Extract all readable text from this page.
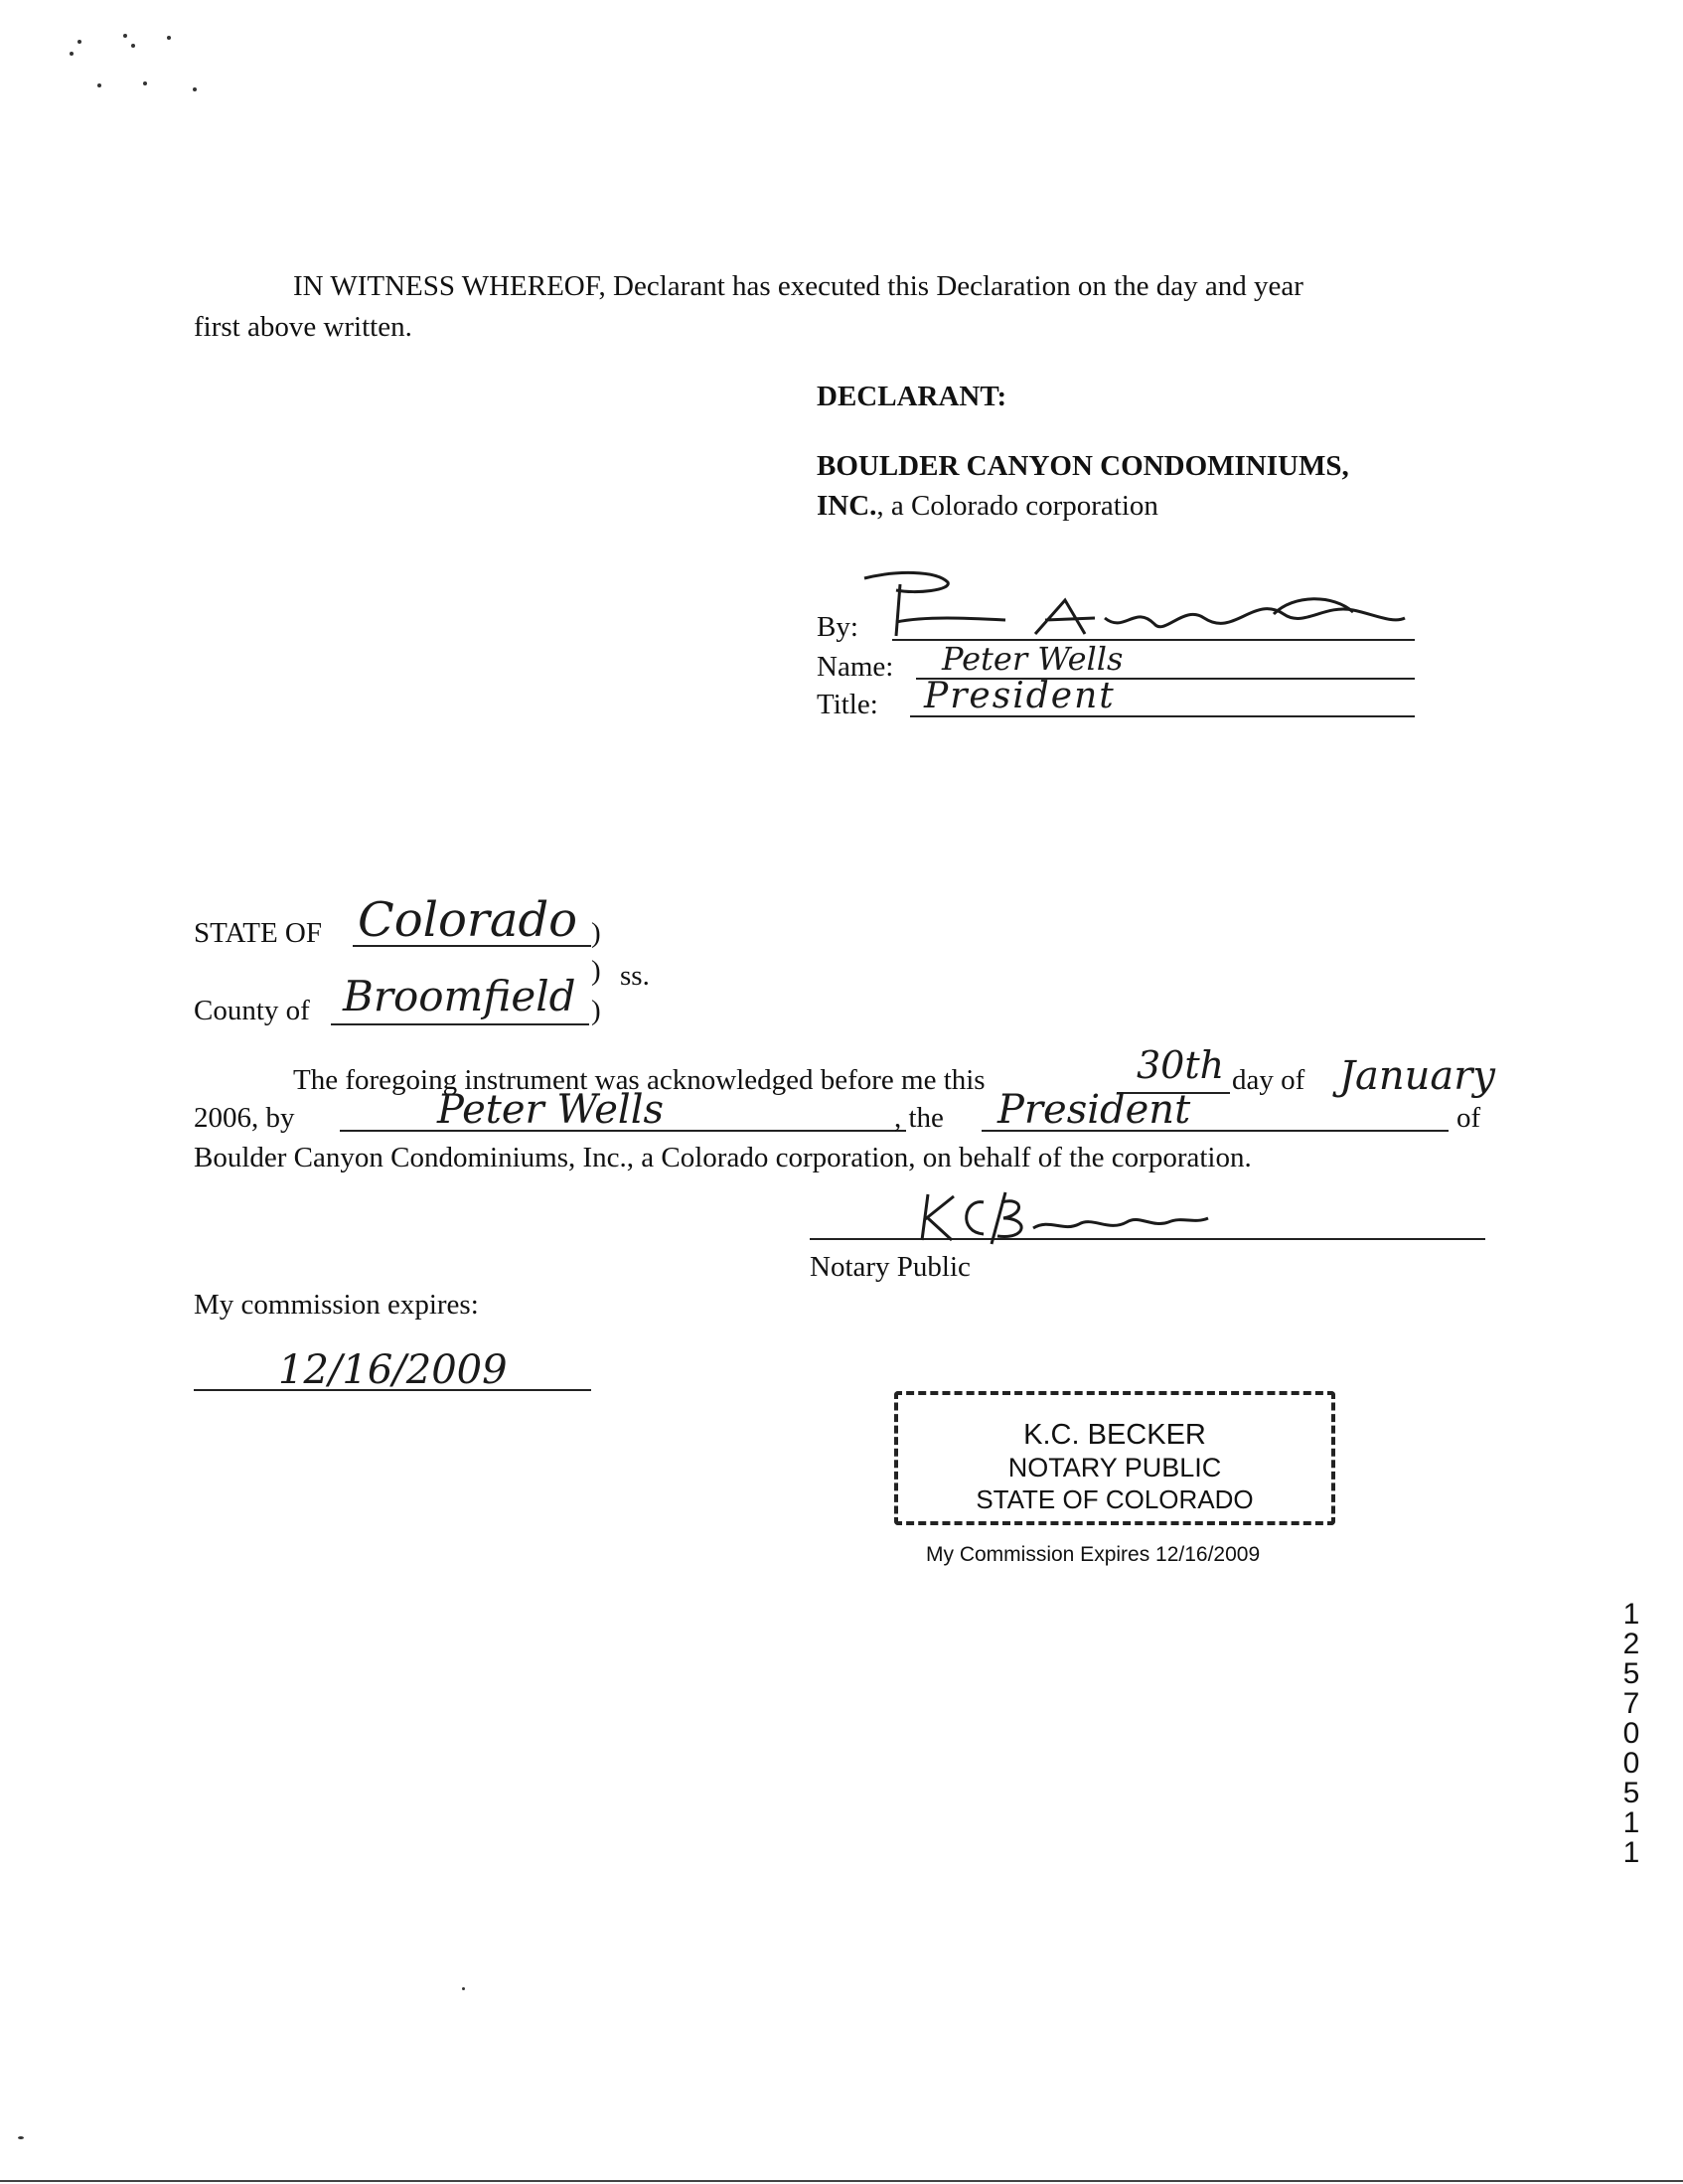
IN WITNESS WHEREOF, Declarant has executed this Declaration on the day and year
first above written.
DECLARANT:
BOULDER CANYON CONDOMINIUMS,
INC., a Colorado corporation
By:
Name: Peter Wells
Title: President
STATE OF Colorado )
) ss.
County of Broomfield )
The foregoing instrument was acknowledged before me this	30th day of January
2006, by	Peter Wells	, the President	of
Boulder Canyon Condominiums, Inc., a Colorado corporation, on behalf of the corporation.
Notary Public
My commission expires:
12/16/2009
K.C. BECKER
NOTARY PUBLIC
STATE OF COLORADO
My Commission Expires 12/16/2009
1257 00511
